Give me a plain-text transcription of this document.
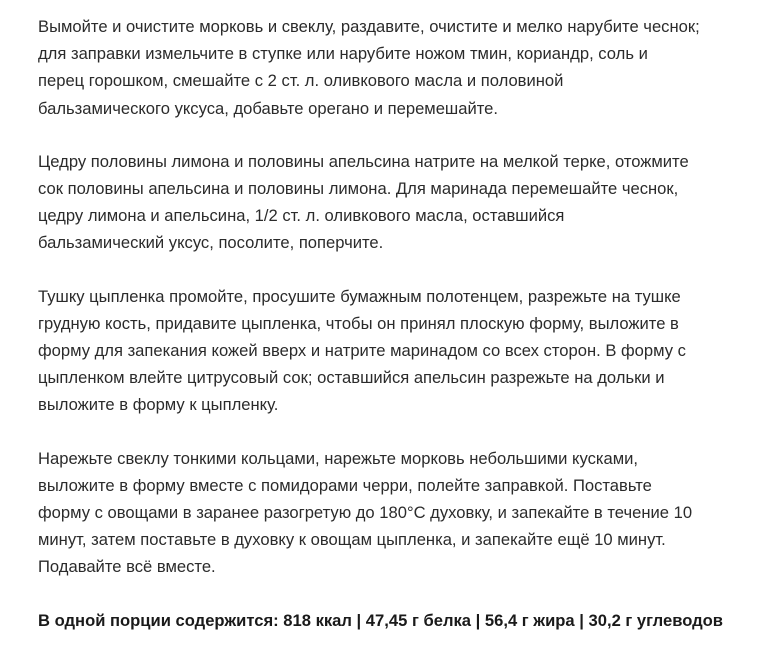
Вымойте и очистите морковь и свеклу, раздавите, очистите и мелко нарубите чеснок;
для заправки измельчите в ступке или нарубите ножом тмин, кориандр, соль и
перец горошком, смешайте с 2 ст. л. оливкового масла и половиной
бальзамического уксуса, добавьте орегано и перемешайте.

Цедру половины лимона и половины апельсина натрите на мелкой терке, отожмите
сок половины апельсина и половины лимона. Для маринада перемешайте чеснок,
цедру лимона и апельсина, 1/2 ст. л. оливкового масла, оставшийся
бальзамический уксус, посолите, поперчите.

Тушку цыпленка промойте, просушите бумажным полотенцем, разрежьте на тушке
грудную кость, придавите цыпленка, чтобы он принял плоскую форму, выложите в
форму для запекания кожей вверх и натрите маринадом со всех сторон. В форму с
цыпленком влейте цитрусовый сок; оставшийся апельсин разрежьте на дольки и
выложите в форму к цыпленку.

Нарежьте свеклу тонкими кольцами, нарежьте морковь небольшими кусками,
выложите в форму вместе с помидорами черри, полейте заправкой. Поставьте
форму с овощами в заранее разогретую до 180°С духовку, и запекайте в течение 10
минут, затем поставьте в духовку к овощам цыпленка, и запекайте ещё 10 минут.
Подавайте всё вместе.

В одной порции содержится: 818 ккал | 47,45 г белка | 56,4 г жира | 30,2 г углеводов
